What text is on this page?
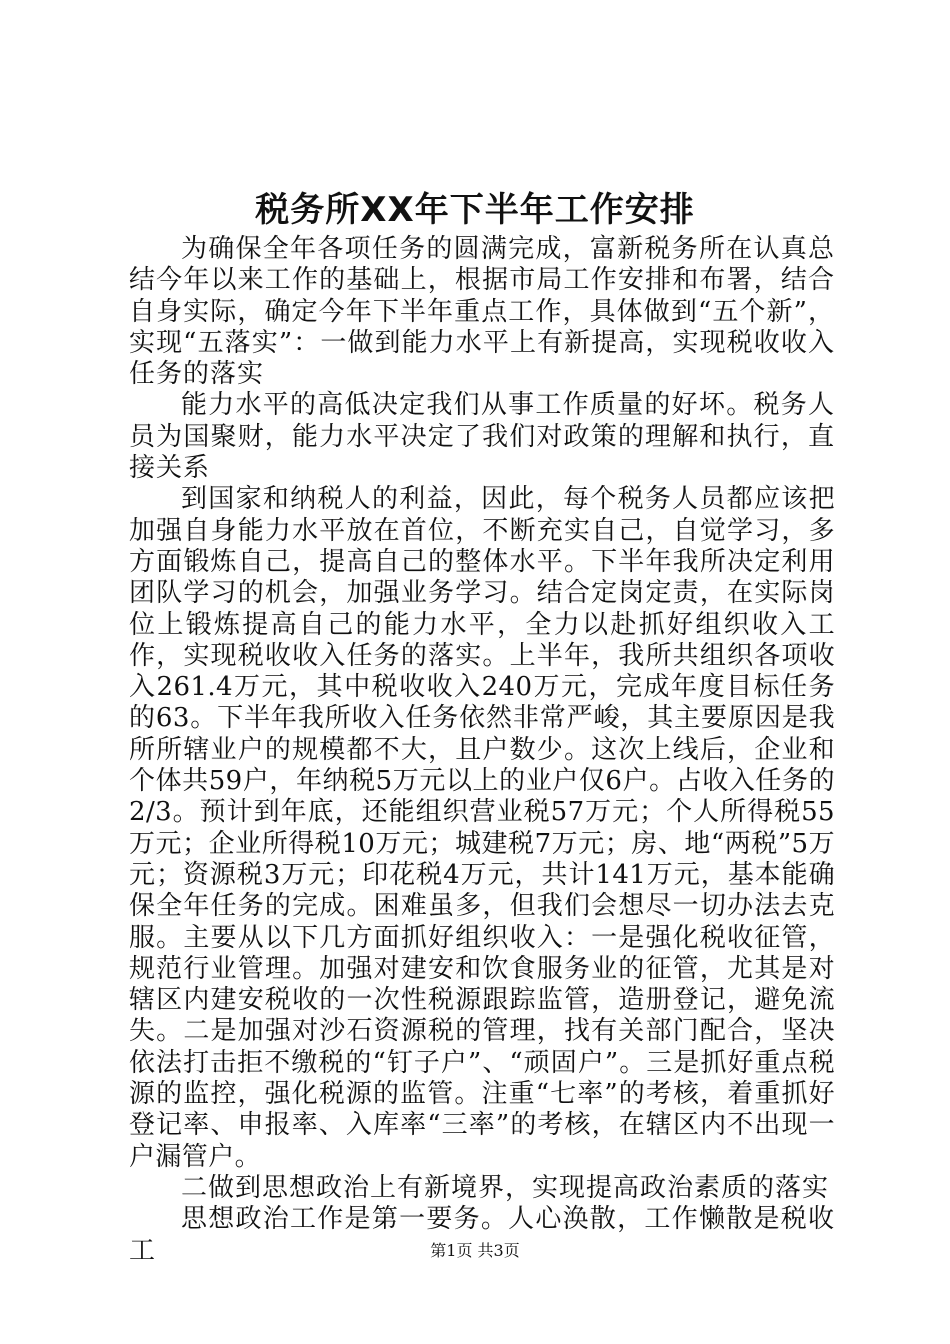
税务所XX年下半年工作安排

为确保全年各项任务的圆满完成，富新税务所在认真总结今年以来工作的基础上，根据市局工作安排和布署，结合自身实际，确定今年下半年重点工作，具体做到“五个新”，实现“五落实”：一做到能力水平上有新提高，实现税收收入任务的落实

能力水平的高低决定我们从事工作质量的好坏。税务人员为国聚财，能力水平决定了我们对政策的理解和执行，直接关系

到国家和纳税人的利益，因此，每个税务人员都应该把加强自身能力水平放在首位，不断充实自己，自觉学习，多方面锻炼自己，提高自己的整体水平。下半年我所决定利用团队学习的机会，加强业务学习。结合定岗定责，在实际岗位上锻炼提高自己的能力水平，全力以赴抓好组织收入工作，实现税收收入任务的落实。上半年，我所共组织各项收入261.4万元，其中税收收入240万元，完成年度目标任务的63。下半年我所收入任务依然非常严峻，其主要原因是我所所辖业户的规模都不大，且户数少。这次上线后，企业和个体共59户，年纳税5万元以上的业户仅6户。占收入任务的2/3。预计到年底，还能组织营业税57万元；个人所得税55万元；企业所得税10万元；城建税7万元；房、地“两税”5万元；资源税3万元；印花税4万元，共计141万元，基本能确保全年任务的完成。困难虽多，但我们会想尽一切办法去克服。主要从以下几方面抓好组织收入：一是强化税收征管，规范行业管理。加强对建安和饮食服务业的征管，尤其是对辖区内建安税收的一次性税源跟踪监管，造册登记，避免流失。二是加强对沙石资源税的管理，找有关部门配合，坚决依法打击拒不缴税的“钉子户”、“顽固户”。三是抓好重点税源的监控，强化税源的监管。注重“七率”的考核，着重抓好登记率、申报率、入库率“三率”的考核，在辖区内不出现一户漏管户。

二做到思想政治上有新境界，实现提高政治素质的落实

思想政治工作是第一要务。人心涣散，工作懒散是税收工	第1页 共3页
